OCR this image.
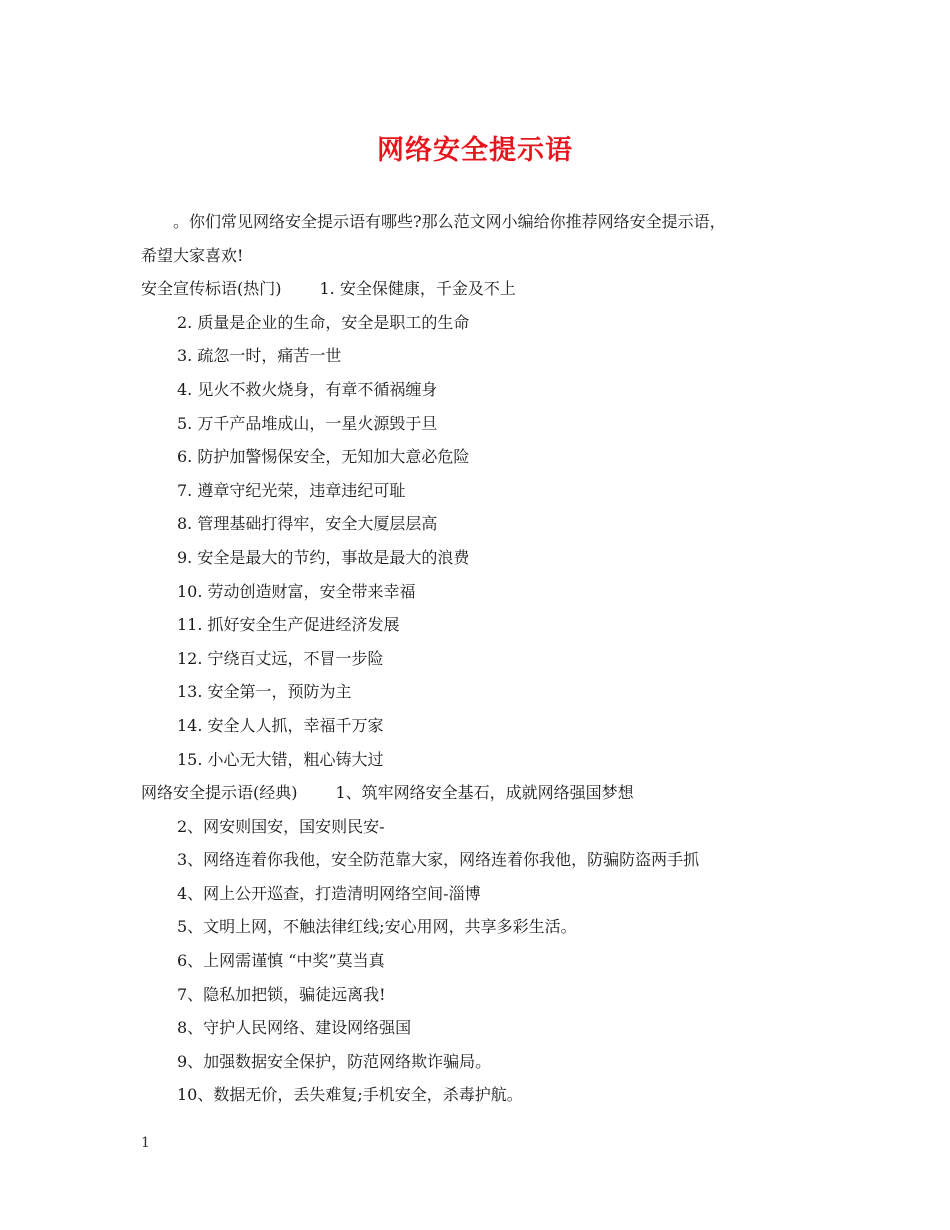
网络安全提示语
。你们常见网络安全提示语有哪些?那么范文网小编给你推荐网络安全提示语，
希望大家喜欢!
安全宣传标语(热门) 1. 安全保健康，千金及不上
2. 质量是企业的生命，安全是职工的生命
3. 疏忽一时，痛苦一世
4. 见火不救火烧身，有章不循祸缠身
5. 万千产品堆成山，一星火源毁于旦
6. 防护加警惕保安全，无知加大意必危险
7. 遵章守纪光荣，违章违纪可耻
8. 管理基础打得牢，安全大厦层层高
9. 安全是最大的节约，事故是最大的浪费
10. 劳动创造财富，安全带来幸福
11. 抓好安全生产促进经济发展
12. 宁绕百丈远，不冒一步险
13. 安全第一，预防为主
14. 安全人人抓，幸福千万家
15. 小心无大错，粗心铸大过
网络安全提示语(经典) 1、筑牢网络安全基石，成就网络强国梦想
2、网安则国安，国安则民安-
3、网络连着你我他，安全防范靠大家，网络连着你我他，防骗防盗两手抓
4、网上公开巡查，打造清明网络空间-淄博
5、文明上网，不触法律红线;安心用网，共享多彩生活。
6、上网需谨慎 “中奖”莫当真
7、隐私加把锁，骗徒远离我!
8、守护人民网络、建设网络强国
9、加强数据安全保护，防范网络欺诈骗局。
10、数据无价，丢失难复;手机安全，杀毒护航。
1
